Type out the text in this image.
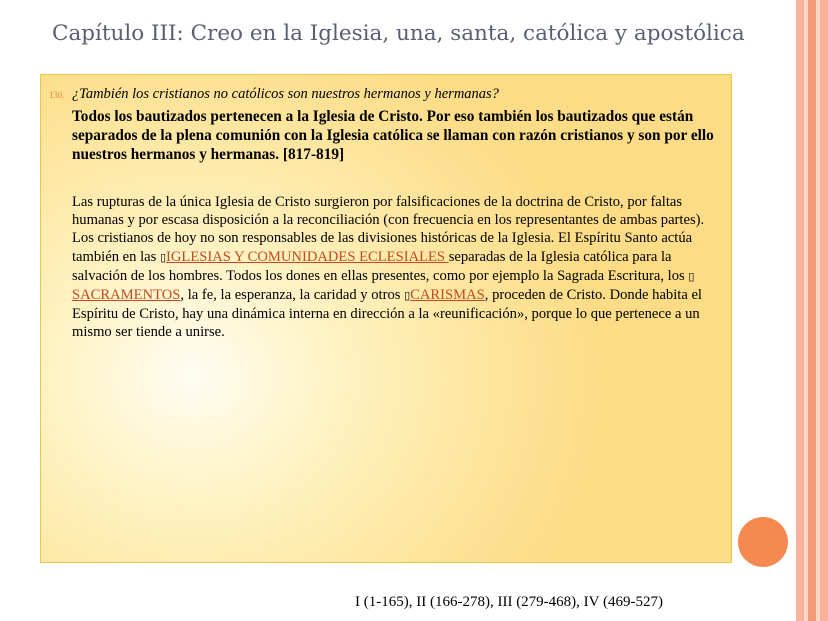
Capítulo III: Creo en la Iglesia, una, santa, católica y apostólica
130. ¿También los cristianos no católicos son nuestros hermanos y hermanas?

Todos los bautizados pertenecen a la Iglesia de Cristo. Por eso también los bautizados que están separados de la plena comunión con la Iglesia católica se llaman con razón cristianos y son por ello nuestros hermanos y hermanas. [817-819]

Las rupturas de la única Iglesia de Cristo surgieron por falsificaciones de la doctrina de Cristo, por faltas humanas y por escasa disposición a la reconciliación (con frecuencia en los representantes de ambas partes). Los cristianos de hoy no son responsables de las divisiones históricas de la Iglesia. El Espíritu Santo actúa también en las ▯IGLESIAS Y COMUNIDADES ECLESIALES separadas de la Iglesia católica para la salvación de los hombres. Todos los dones en ellas presentes, como por ejemplo la Sagrada Escritura, los ▯ SACRAMENTOS, la fe, la esperanza, la caridad y otros ▯CARISMAS, proceden de Cristo. Donde habita el Espíritu de Cristo, hay una dinámica interna en dirección a la «reunificación», porque lo que pertenece a un mismo ser tiende a unirse.

I (1-165), II (166-278), III (279-468), IV (469-527)
